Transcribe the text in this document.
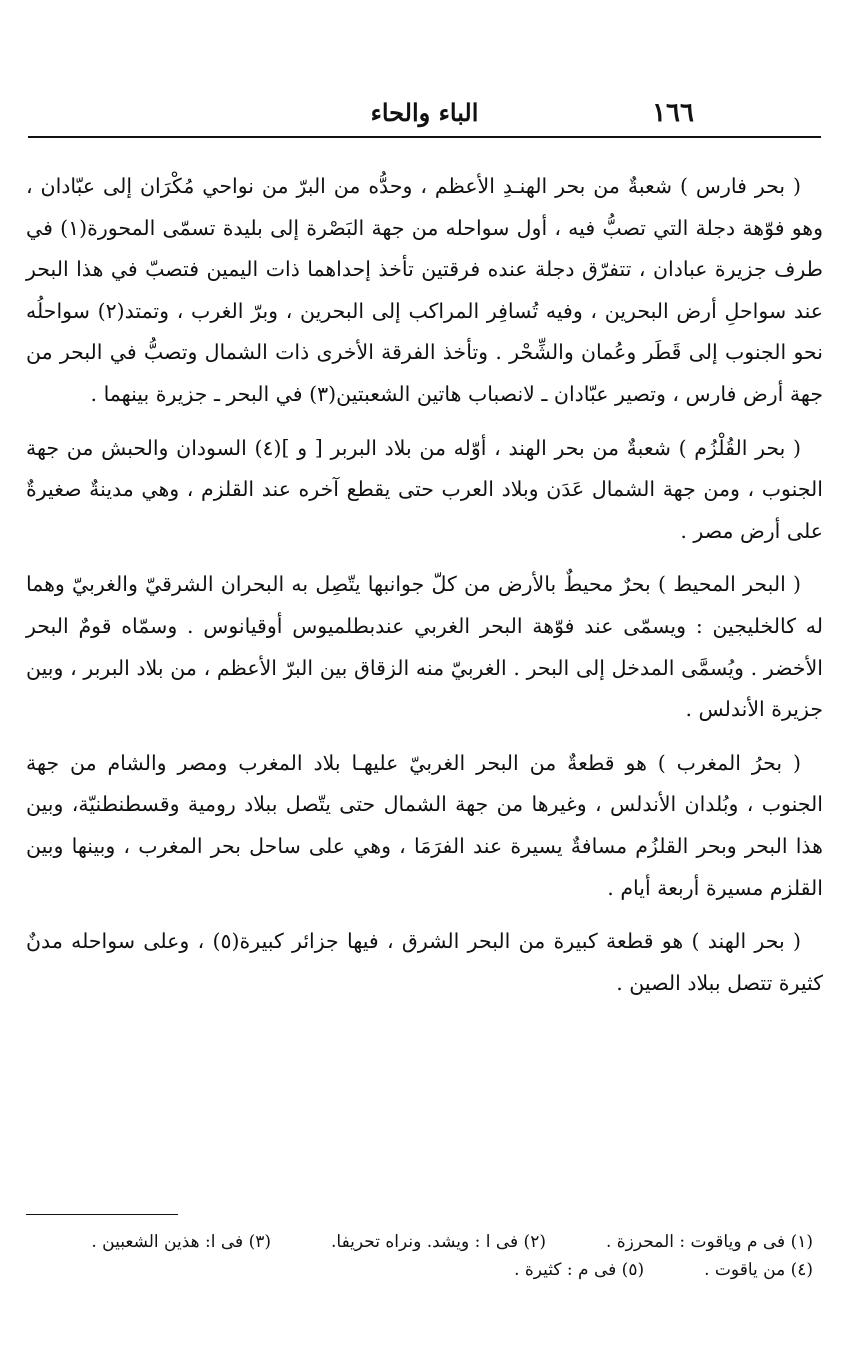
١٦٦
الباء والحاء

( بحر فارس ) شعبةٌ من بحر الهنـدِ الأعظم ، وحدُّه من البرّ من نواحي مُكْرَان إلى عبّادان ، وهو فوّهة دجلة التي تصبُّ فيه ، أول سواحله من جهة البَصْرة إلى بليدة تسمّى المحورة(١) في طرف جزيرة عبادان ، تتفرّق دجلة عنده فرقتين تأخذ إحداهما ذات اليمين فتصبّ في هذا البحر عند سواحلِ أرض البحرين ، وفيه تُسافِر المراكب إلى البحرين ، وبرّ الغرب ، وتمتد(٢) سواحلُه نحو الجنوب إلى قَطَر وعُمان والشِّحْر . وتأخذ الفرقة الأخرى ذات الشمال وتصبُّ في البحر من جهة أرض فارس ، وتصير عبّادان ـ لانصباب هاتين الشعبتين(٣) في البحر ـ جزيرة بينهما .

( بحر القُلْزُم ) شعبةٌ من بحر الهند ، أوّله من بلاد البربر [ و ](٤) السودان والحبش من جهة الجنوب ، ومن جهة الشمال عَدَن وبلاد العرب حتى يقطع آخره عند القلزم ، وهي مدينةٌ صغيرةٌ على أرض مصر .

( البحر المحيط ) بحرٌ محيطٌ بالأرض من كلّ جوانبها يتّصِل به البحران الشرقيّ والغربيّ وهما له كالخليجين : ويسمّى عند فوّهة البحر الغربي عندبطلميوس أوقيانوس . وسمّاه قومٌ البحر الأخضر . ويُسمَّى المدخل إلى البحر . الغربيّ منه الزقاق بين البرّ الأعظم ، من بلاد البربر ، وبين جزيرة الأندلس .

( بحرُ المغرب ) هو قطعةٌ من البحر الغربيّ عليهـا بلاد المغرب ومصر والشام من جهة الجنوب ، وبُلدان الأندلس ، وغيرها من جهة الشمال حتى يتّصل ببلاد رومية وقسطنطنيّة، وبين هذا البحر وبحر القلزُم مسافةٌ يسيرة عند الفرَمَا ، وهي على ساحل بحر المغرب ، وبينها وبين القلزم مسيرة أربعة أيام .

( بحر الهند ) هو قطعة كبيرة من البحر الشرق ، فيها جزائر كبيرة(٥) ، وعلى سواحله مدنٌ كثيرة تتصل ببلاد الصين .

(١) فى م وياقوت : المحرزة .
(٢) فى ا : ويشد. ونراه تحريفا.
(٣) فى ا: هذين الشعبين .
(٤) من ياقوت .
(٥) فى م : كثيرة .
